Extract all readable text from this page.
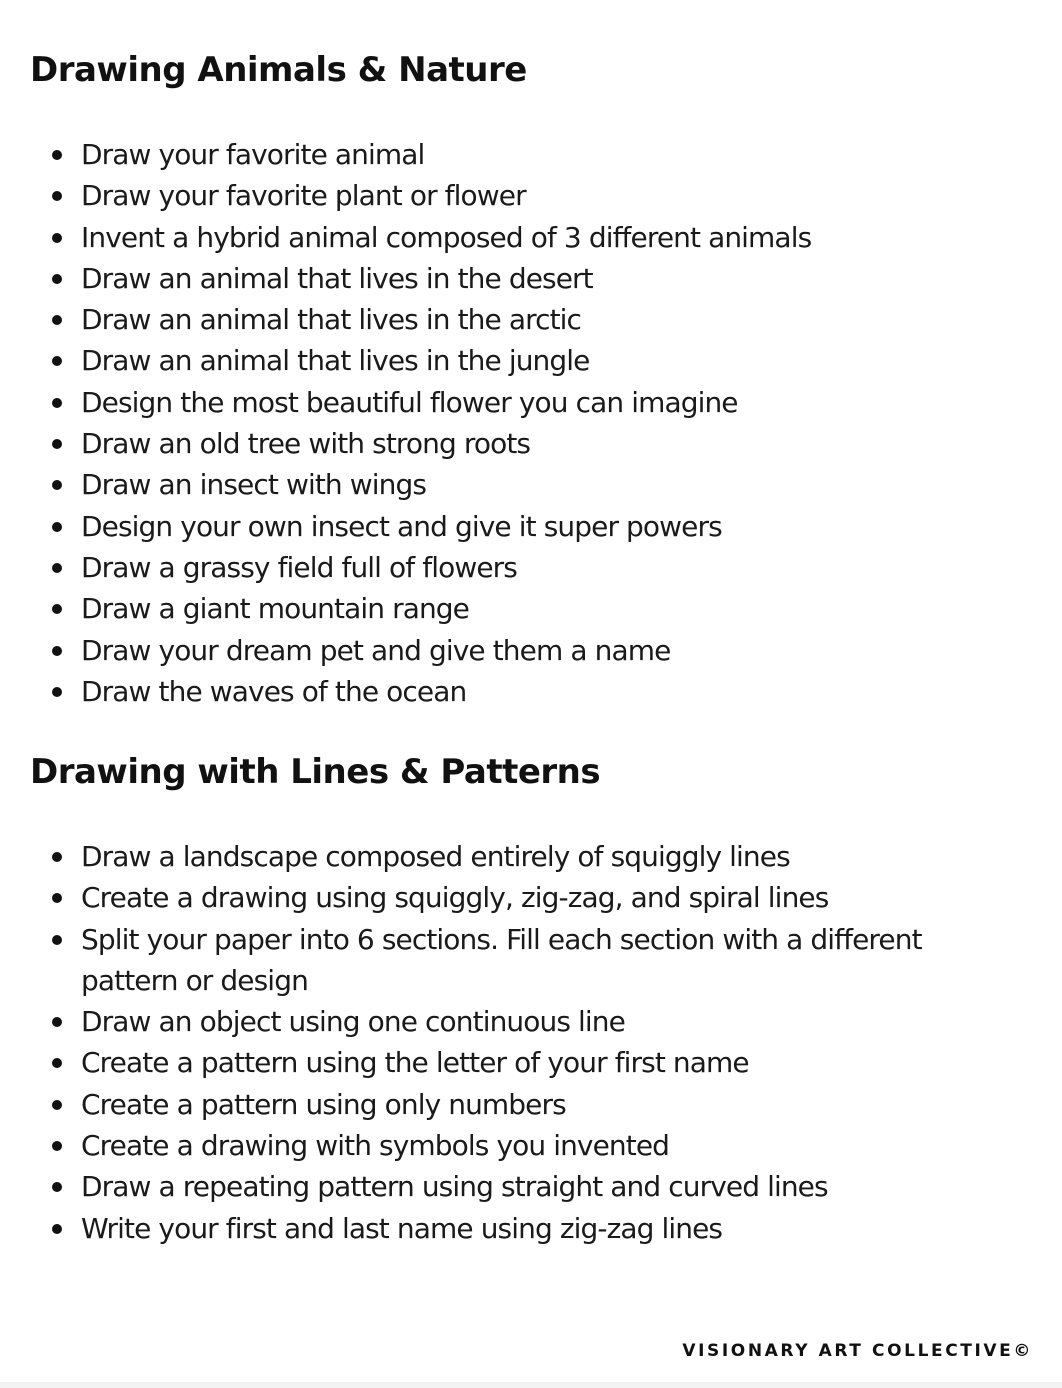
Drawing Animals & Nature
Draw your favorite animal
Draw your favorite plant or flower
Invent a hybrid animal composed of 3 different animals
Draw an animal that lives in the desert
Draw an animal that lives in the arctic
Draw an animal that lives in the jungle
Design the most beautiful flower you can imagine
Draw an old tree with strong roots
Draw an insect with wings
Design your own insect and give it super powers
Draw a grassy field full of flowers
Draw a giant mountain range
Draw your dream pet and give them a name
Draw the waves of the ocean
Drawing with Lines & Patterns
Draw a landscape composed entirely of squiggly lines
Create a drawing using squiggly, zig-zag, and spiral lines
Split your paper into 6 sections. Fill each section with a different pattern or design
Draw an object using one continuous line
Create a pattern using the letter of your first name
Create a pattern using only numbers
Create a drawing with symbols you invented
Draw a repeating pattern using straight and curved lines
Write your first and last name using zig-zag lines
VISIONARY ART COLLECTIVE©
